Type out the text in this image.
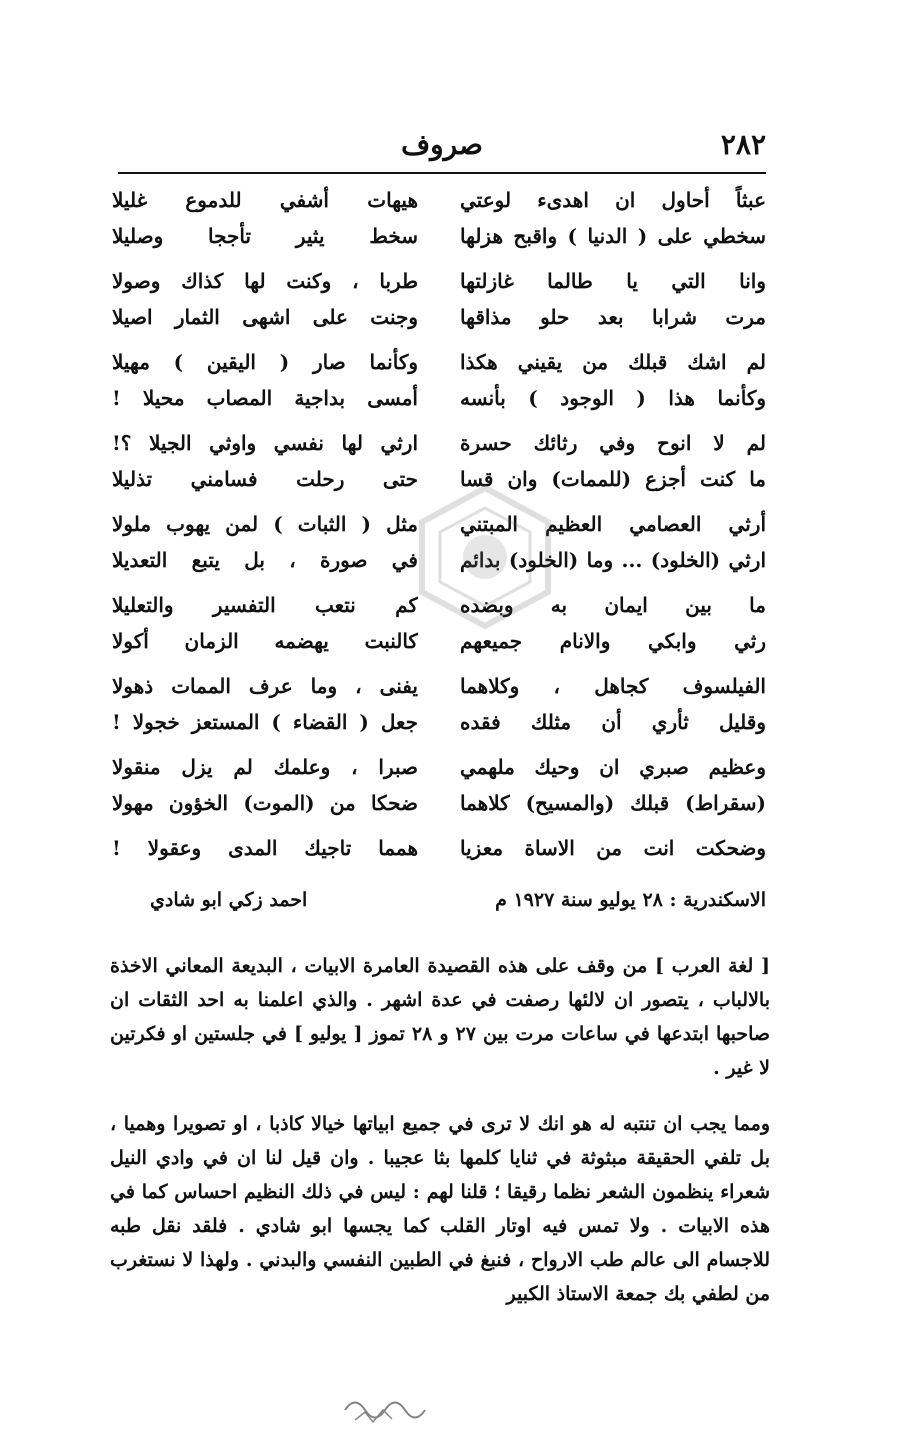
٢٨٢
صروف
عبثاً أحاول ان اهدىء لوعتي
هيهات أشفي للدموع غليلا
سخطي على ( الدنيا ) واقبح هزلها
سخط يثير تأججا وصليلا
وانا التي يا طالما غازلتها
طربا ، وكنت لها كذاك وصولا
مرت شرابا بعد حلو مذاقها
وجنت على اشهى الثمار اصيلا
لم اشك قبلك من يقيني هكذا
وكأنما صار ( اليقين ) مهيلا
وكأنما هذا ( الوجود ) بأنسه
أمسى بداجية المصاب محيلا !
لم لا انوح وفي رثائك حسرة
ارثي لها نفسي واوثي الجيلا ؟!
ما كنت أجزع (للممات) وان قسا
حتى رحلت فسامني تذليلا
أرثي العصامي العظيم المبتني
مثل ( الثبات ) لمن يهوب ملولا
ارثي (الخلود) ... وما (الخلود) بدائم
في صورة ، بل يتبع التعديلا
ما بين ايمان به وبضده
كم نتعب التفسير والتعليلا
رثي وابكي والانام جميعهم
كالنبت يهضمه الزمان أكولا
الفيلسوف كجاهل ، وكلاهما
يفنى ، وما عرف الممات ذهولا
وقليل ثأري أن مثلك فقده
جعل ( القضاء ) المستعز خجولا !
وعظيم صبري ان وحيك ملهمي
صبرا ، وعلمك لم يزل منقولا
(سقراط) قبلك (والمسيح) كلاهما
ضحكا من (الموت) الخؤون مهولا
وضحكت انت من الاساة معزيا
همما تاجيك المدى وعقولا !
الاسكندرية : ٢٨ يوليو سنة ١٩٢٧ م
احمد زكي ابو شادي

[ لغة العرب ] من وقف على هذه القصيدة العامرة الابيات ، البديعة المعاني الاخذة بالالباب ، يتصور ان لالئها رصفت في عدة اشهر . والذي اعلمنا به احد الثقات ان صاحبها ابتدعها في ساعات مرت بين ٢٧ و ٢٨ تموز [ يوليو ] في جلستين او فكرتين لا غير .

ومما يجب ان تنتبه له هو انك لا ترى في جميع ابياتها خيالا كاذبا ، او تصويرا وهميا ، بل تلفي الحقيقة مبثوثة في ثنايا كلمها بثا عجيبا . وان قيل لنا ان في وادي النيل شعراء ينظمون الشعر نظما رقيقا ؛ قلنا لهم : ليس في ذلك النظيم احساس كما في هذه الابيات . ولا تمس فيه اوتار القلب كما يجسها ابو شادي . فلقد نقل طبه للاجسام الى عالم طب الارواح ، فنبغ في الطبين النفسي والبدني . ولهذا لا نستغرب من لطفي بك جمعة الاستاذ الكبير
